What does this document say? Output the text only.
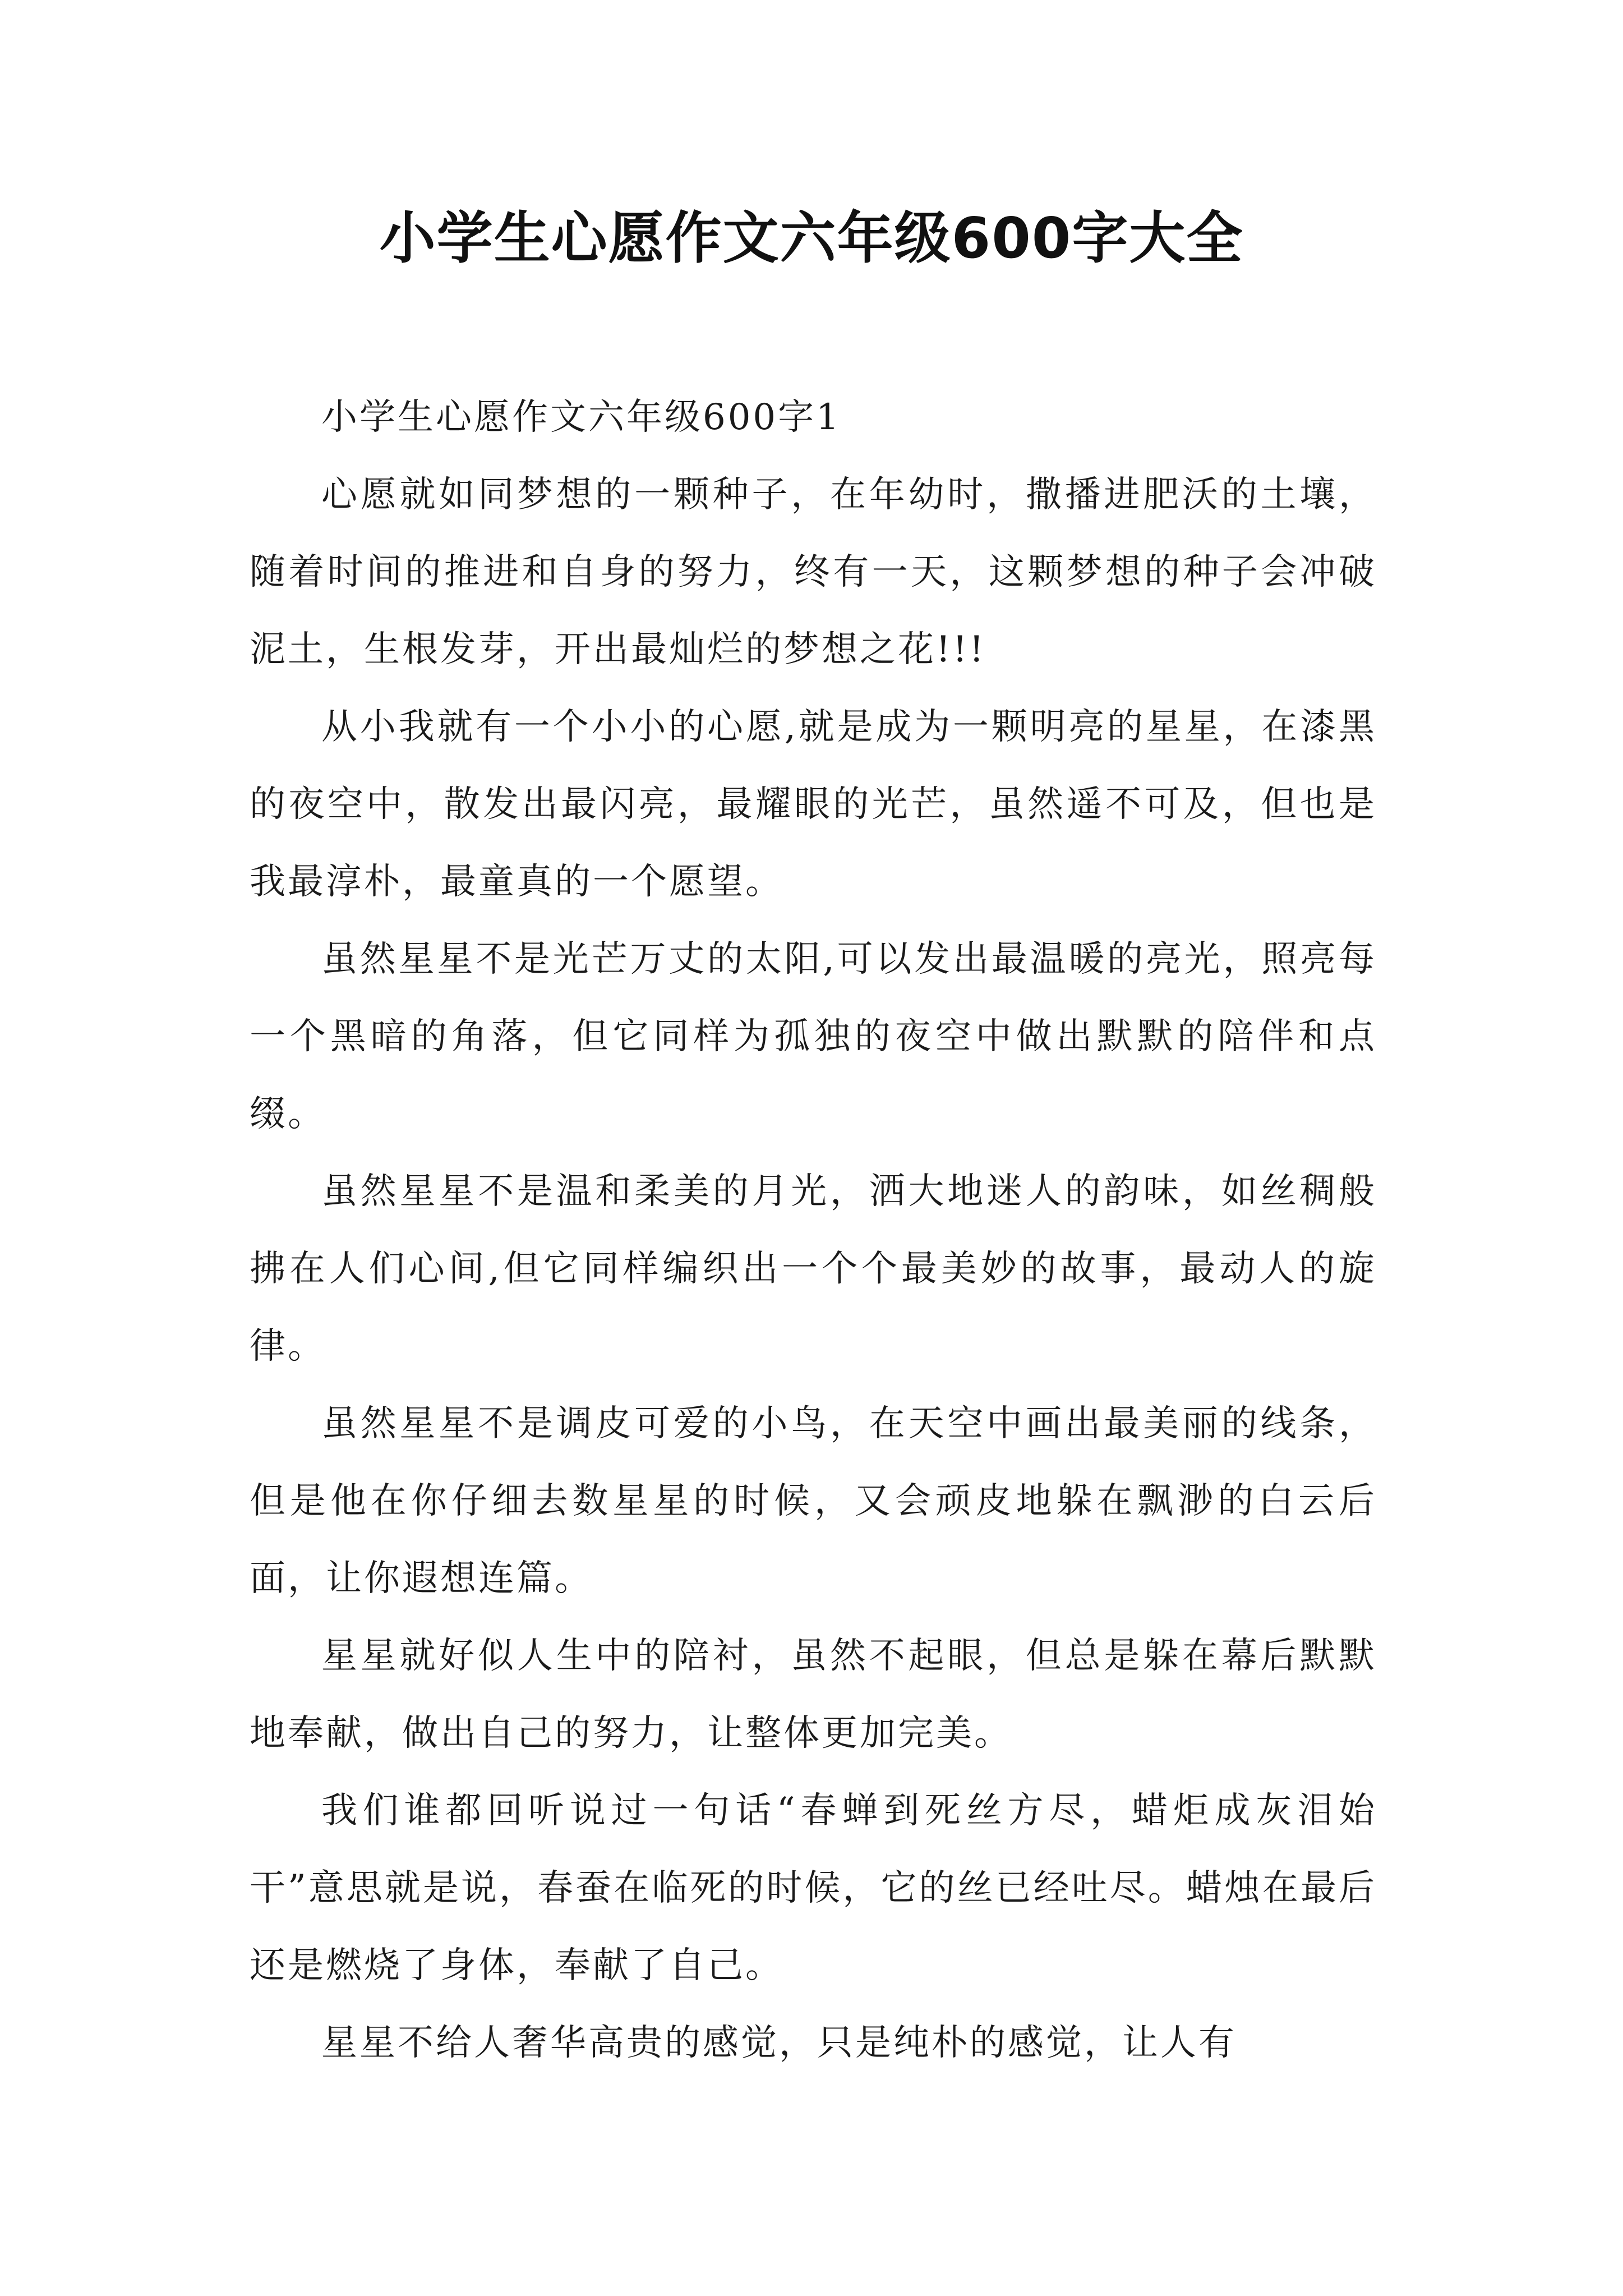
小学生心愿作文六年级600字大全

小学生心愿作文六年级600字1

心愿就如同梦想的一颗种子，在年幼时，撒播进肥沃的土壤，随着时间的推进和自身的努力，终有一天，这颗梦想的种子会冲破泥土，生根发芽，开出最灿烂的梦想之花!!!

从小我就有一个小小的心愿,就是成为一颗明亮的星星，在漆黑的夜空中，散发出最闪亮，最耀眼的光芒，虽然遥不可及，但也是我最淳朴，最童真的一个愿望。

虽然星星不是光芒万丈的太阳,可以发出最温暖的亮光，照亮每一个黑暗的角落，但它同样为孤独的夜空中做出默默的陪伴和点缀。

虽然星星不是温和柔美的月光，洒大地迷人的韵味，如丝稠般拂在人们心间,但它同样编织出一个个最美妙的故事，最动人的旋律。

虽然星星不是调皮可爱的小鸟，在天空中画出最美丽的线条，但是他在你仔细去数星星的时候，又会顽皮地躲在飘渺的白云后面，让你遐想连篇。

星星就好似人生中的陪衬，虽然不起眼，但总是躲在幕后默默地奉献，做出自己的努力，让整体更加完美。

我们谁都回听说过一句话“春蝉到死丝方尽，蜡炬成灰泪始干”意思就是说，春蚕在临死的时候，它的丝已经吐尽。蜡烛在最后还是燃烧了身体，奉献了自己。

星星不给人奢华高贵的感觉，只是纯朴的感觉，让人有
